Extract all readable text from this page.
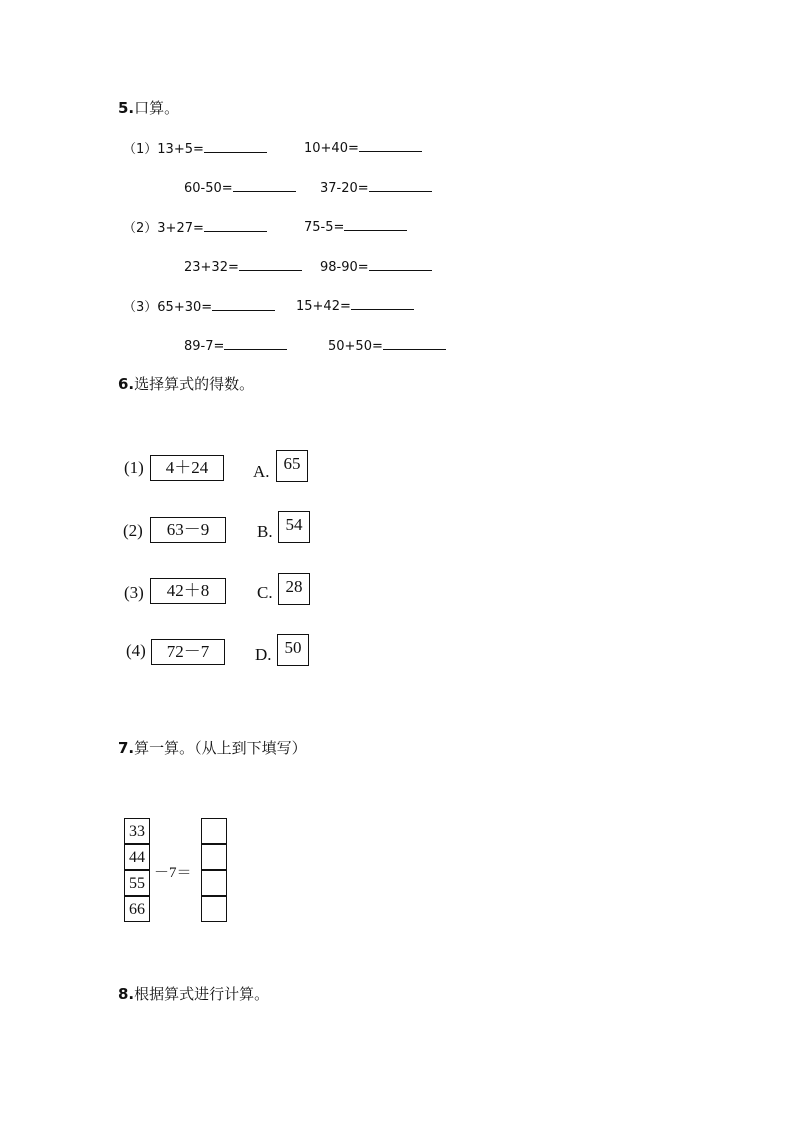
5.口算。
（1）13+5=	10+40=
60-50=	37-20=
（2）3+27=	75-5=
23+32=	98-90=
（3）65+30=	15+42=
89-7=	50+50=
6.选择算式的得数。
(1)	4＋24	A. 65
(2)	63－9	B. 54
(3)	42＋8	C. 28
(4)	72－7	D. 50
7.算一算。（从上到下填写）
33
44
55
66
－7＝
8.根据算式进行计算。
